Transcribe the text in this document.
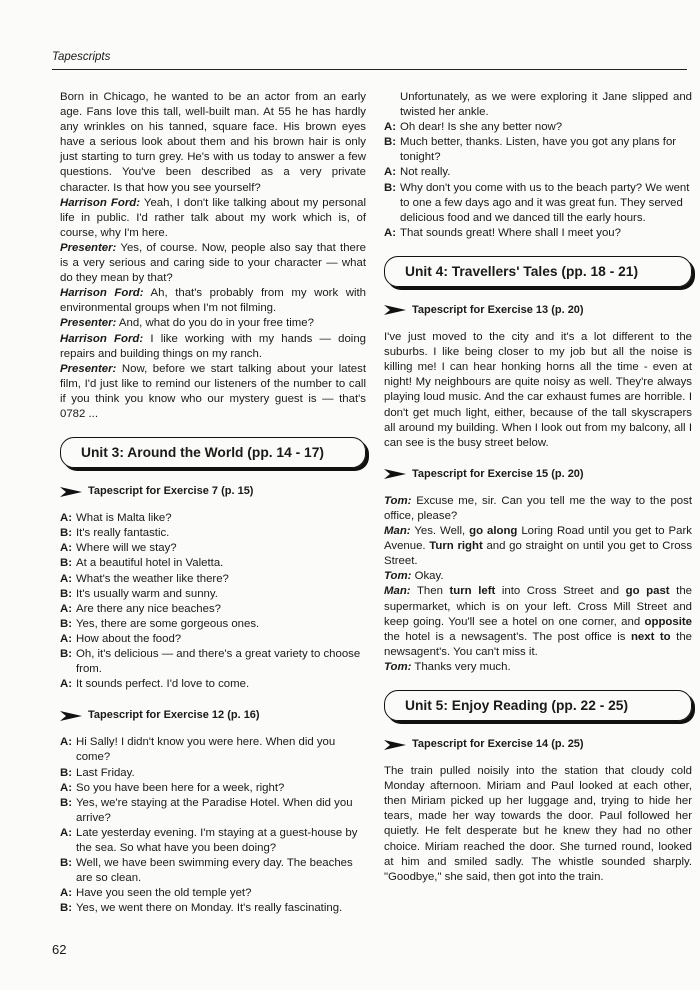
Tapescripts

Born in Chicago, he wanted to be an actor from an early age. Fans love this tall, well-built man. At 55 he has hardly any wrinkles on his tanned, square face. His brown eyes have a serious look about them and his brown hair is only just starting to turn grey. He's with us today to answer a few questions. You've been described as a very private character. Is that how you see yourself?

Harrison Ford: Yeah, I don't like talking about my personal life in public. I'd rather talk about my work which is, of course, why I'm here.

Presenter: Yes, of course. Now, people also say that there is a very serious and caring side to your character — what do they mean by that?

Harrison Ford: Ah, that's probably from my work with environmental groups when I'm not filming.

Presenter: And, what do you do in your free time?

Harrison Ford: I like working with my hands — doing repairs and building things on my ranch.

Presenter: Now, before we start talking about your latest film, I'd just like to remind our listeners of the number to call if you think you know who our mystery guest is — that's 0782 ...

Unit 3: Around the World (pp. 14 - 17)
Tapescript for Exercise 7 (p. 15)
A: What is Malta like?
B: It's really fantastic.
A: Where will we stay?
B: At a beautiful hotel in Valetta.
A: What's the weather like there?
B: It's usually warm and sunny.
A: Are there any nice beaches?
B: Yes, there are some gorgeous ones.
A: How about the food?
B: Oh, it's delicious — and there's a great variety to choose from.
A: It sounds perfect. I'd love to come.
Tapescript for Exercise 12 (p. 16)
A: Hi Sally! I didn't know you were here. When did you come?
B: Last Friday.
A: So you have been here for a week, right?
B: Yes, we're staying at the Paradise Hotel. When did you arrive?
A: Late yesterday evening. I'm staying at a guest-house by the sea. So what have you been doing?
B: Well, we have been swimming every day. The beaches are so clean.
A: Have you seen the old temple yet?
B: Yes, we went there on Monday. It's really fascinating.

Unfortunately, as we were exploring it Jane slipped and twisted her ankle.

A: Oh dear! Is she any better now?
B: Much better, thanks. Listen, have you got any plans for tonight?
A: Not really.
B: Why don't you come with us to the beach party? We went to one a few days ago and it was great fun. They served delicious food and we danced till the early hours.
A: That sounds great! Where shall I meet you?
Unit 4: Travellers' Tales (pp. 18 - 21)
Tapescript for Exercise 13 (p. 20)

I've just moved to the city and it's a lot different to the suburbs. I like being closer to my job but all the noise is killing me! I can hear honking horns all the time - even at night! My neighbours are quite noisy as well. They're always playing loud music. And the car exhaust fumes are horrible. I don't get much light, either, because of the tall skyscrapers all around my building. When I look out from my balcony, all I can see is the busy street below.

Tapescript for Exercise 15 (p. 20)

Tom: Excuse me, sir. Can you tell me the way to the post office, please?

Man: Yes. Well, go along Loring Road until you get to Park Avenue. Turn right and go straight on until you get to Cross Street.

Tom: Okay.

Man: Then turn left into Cross Street and go past the supermarket, which is on your left. Cross Mill Street and keep going. You'll see a hotel on one corner, and opposite the hotel is a newsagent's. The post office is next to the newsagent's. You can't miss it.

Tom: Thanks very much.

Unit 5: Enjoy Reading (pp. 22 - 25)
Tapescript for Exercise 14 (p. 25)

The train pulled noisily into the station that cloudy cold Monday afternoon. Miriam and Paul looked at each other, then Miriam picked up her luggage and, trying to hide her tears, made her way towards the door. Paul followed her quietly. He felt desperate but he knew they had no other choice. Miriam reached the door. She turned round, looked at him and smiled sadly. The whistle sounded sharply. "Goodbye," she said, then got into the train.

62
